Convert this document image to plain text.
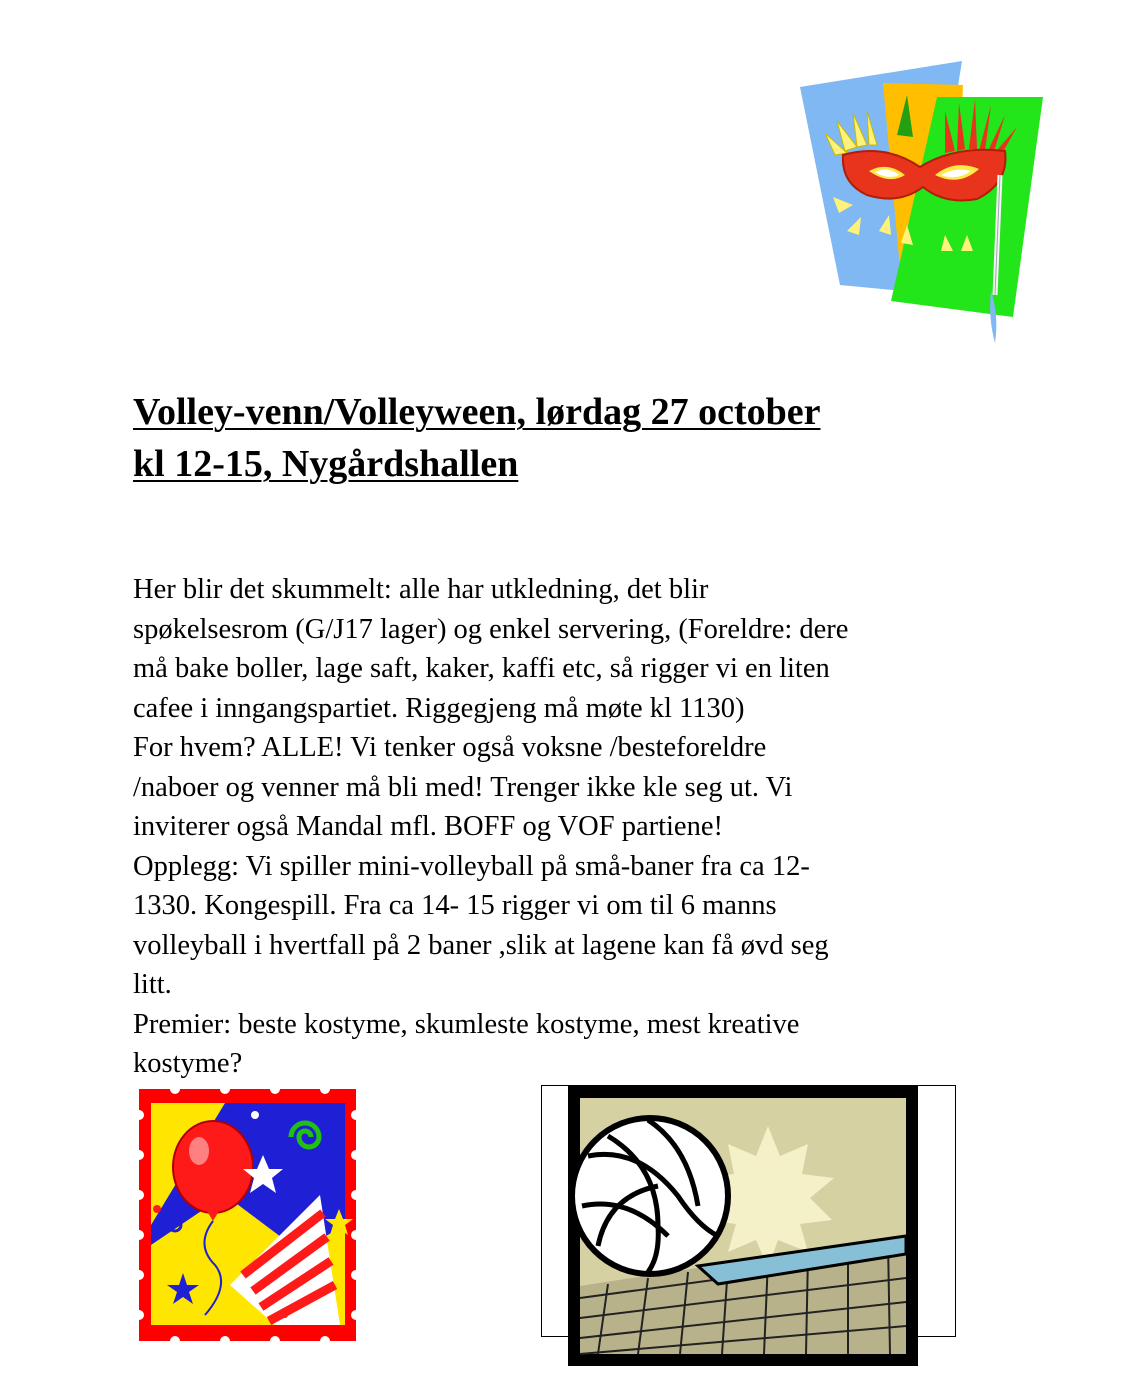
Volley-venn/Volleyween, lørdag 27 october
kl 12-15, Nygårdshallen

Her blir det skummelt: alle har utkledning, det blir

spøkelsesrom (G/J17 lager) og enkel servering, (Foreldre: dere

må bake boller, lage saft, kaker, kaffi etc, så rigger vi en liten

cafee i inngangspartiet. Riggegjeng må møte kl 1130)

For hvem? ALLE! Vi tenker også voksne /besteforeldre

/naboer og venner må bli med! Trenger ikke kle seg ut. Vi

inviterer også Mandal mfl. BOFF og VOF partiene!

Opplegg: Vi spiller mini-volleyball på små-baner fra ca 12-

1330. Kongespill. Fra ca 14- 15 rigger vi om til 6 manns

volleyball i hvertfall på 2 baner ,slik at lagene kan få øvd seg

litt.

Premier: beste kostyme, skumleste kostyme, mest kreative

kostyme?
